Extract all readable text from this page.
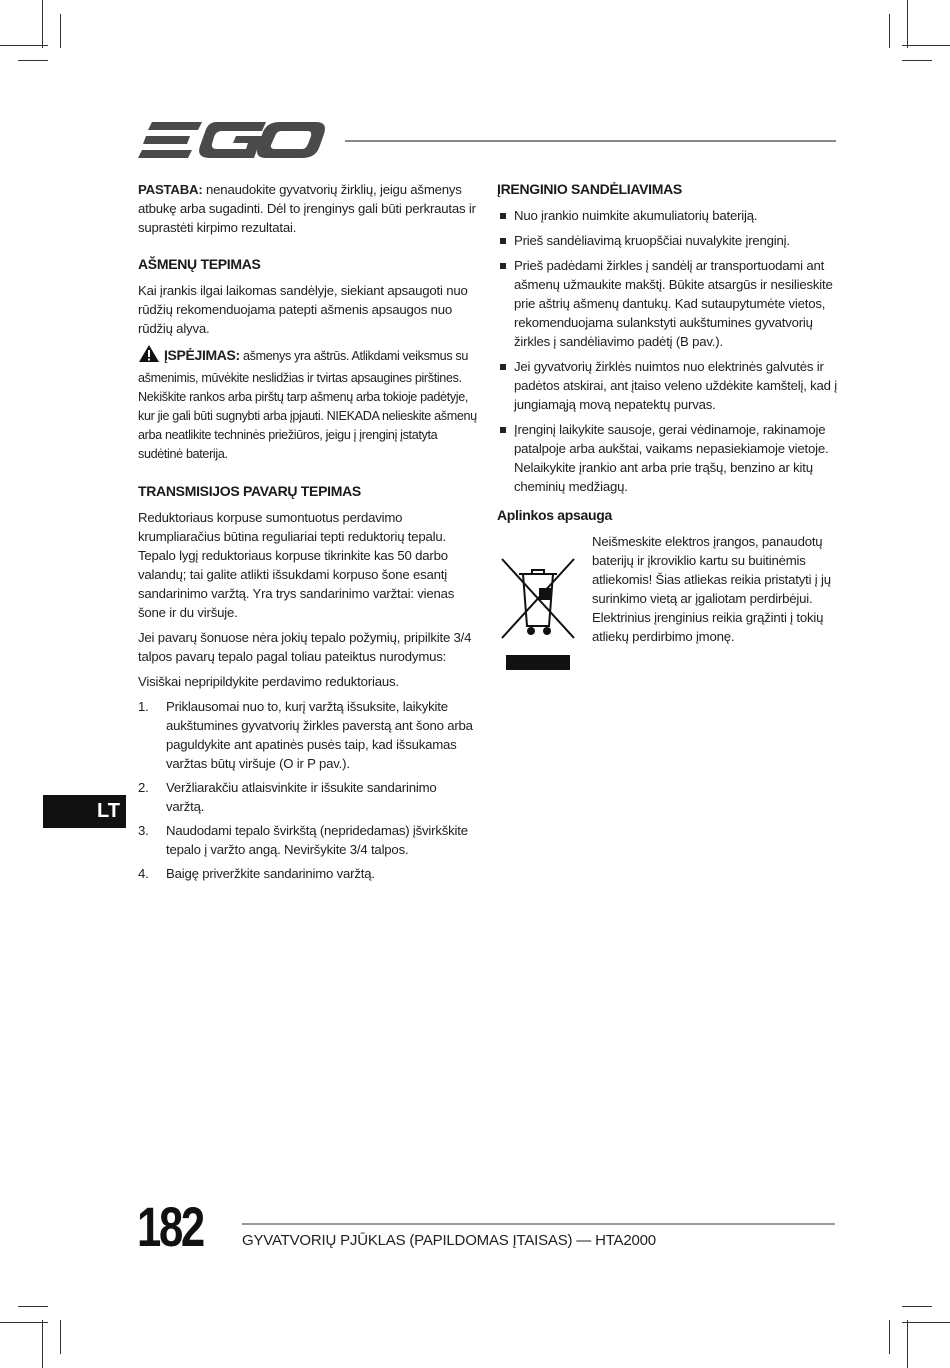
PASTABA: nenaudokite gyvatvorių žirklių, jeigu ašmenys atbukę arba sugadinti. Dėl to įrenginys gali būti perkrautas ir suprastėti kirpimo rezultatai.

AŠMENŲ TEPIMAS

Kai įrankis ilgai laikomas sandėlyje, siekiant apsaugoti nuo rūdžių rekomenduojama patepti ašmenis apsaugos nuo rūdžių alyva.

ĮSPĖJIMAS: ašmenys yra aštrūs. Atlikdami veiksmus su ašmenimis, mūvėkite neslidžias ir tvirtas apsaugines pirštines. Nekiškite rankos arba pirštų tarp ašmenų arba tokioje padėtyje, kur jie gali būti sugnybti arba įpjauti. NIEKADA nelieskite ašmenų arba neatlikite techninės priežiūros, jeigu į įrenginį įstatyta sudėtinė baterija.

TRANSMISIJOS PAVARŲ TEPIMAS

Reduktoriaus korpuse sumontuotus perdavimo krumpliaračius būtina reguliariai tepti reduktorių tepalu. Tepalo lygį reduktoriaus korpuse tikrinkite kas 50 darbo valandų; tai galite atlikti išsukdami korpuso šone esantį sandarinimo varžtą. Yra trys sandarinimo varžtai: vienas šone ir du viršuje.

Jei pavarų šonuose nėra jokių tepalo požymių, pripilkite 3/4 talpos pavarų tepalo pagal toliau pateiktus nurodymus:

Visiškai nepripildykite perdavimo reduktoriaus.

1. Priklausomai nuo to, kurį varžtą išsuksite, laikykite aukštumines gyvatvorių žirkles paverstą ant šono arba paguldykite ant apatinės pusės taip, kad išsukamas varžtas būtų viršuje (O ir P pav.).
2. Veržliarakčiu atlaisvinkite ir išsukite sandarinimo varžtą.
3. Naudodami tepalo švirkštą (nepridedamas) įšvirkškite tepalo į varžto angą. Neviršykite 3/4 talpos.
4. Baigę priveržkite sandarinimo varžtą.
ĮRENGINIO SANDĖLIAVIMAS
Nuo įrankio nuimkite akumuliatorių bateriją.
Prieš sandėliavimą kruopščiai nuvalykite įrenginį.
Prieš padėdami žirkles į sandėlį ar transportuodami ant ašmenų užmaukite makštį. Būkite atsargūs ir nesilieskite prie aštrių ašmenų dantukų. Kad sutaupytumėte vietos, rekomenduojama sulankstyti aukštumines gyvatvorių žirkles į sandėliavimo padėtį (B pav.).
Jei gyvatvorių žirklės nuimtos nuo elektrinės galvutės ir padėtos atskirai, ant įtaiso veleno uždėkite kamštelį, kad į jungiamąją movą nepatektų purvas.
Įrenginį laikykite sausoje, gerai vėdinamoje, rakinamoje patalpoje arba aukštai, vaikams nepasiekiamoje vietoje. Nelaikykite įrankio ant arba prie trąšų, benzino ar kitų cheminių medžiagų.
Aplinkos apsauga

Neišmeskite elektros įrangos, panaudotų baterijų ir įkroviklio kartu su buitinėmis atliekomis! Šias atliekas reikia pristatyti į jų surinkimo vietą ar įgaliotam perdirbėjui. Elektrinius įrenginius reikia grąžinti į tokių atliekų perdirbimo įmonę.

LT
182	GYVATVORIŲ PJŪKLAS (PAPILDOMAS ĮTAISAS) — HTA2000
